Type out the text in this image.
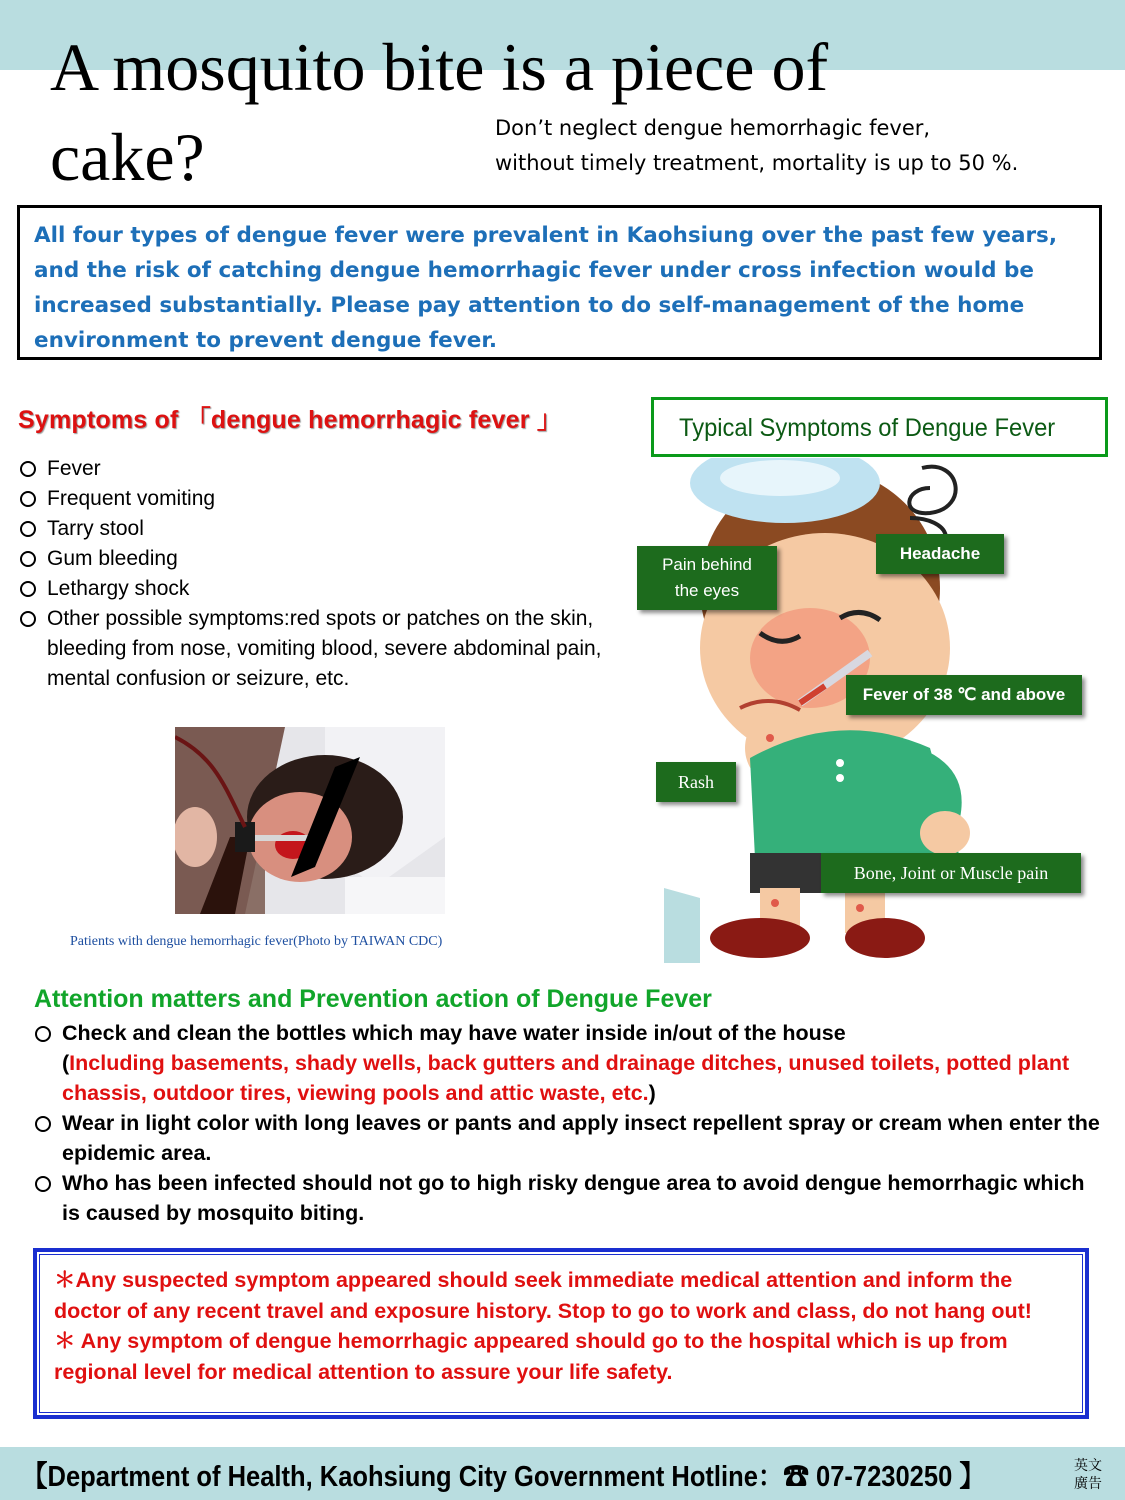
A mosquito bite is a piece of cake?	Don’t neglect dengue hemorrhagic fever,
without timely treatment, mortality is up to 50 %.
All four types of dengue fever were prevalent in Kaohsiung over the past few years, and the risk of catching dengue hemorrhagic fever under cross infection would be increased substantially. Please pay attention to do self-management of the home environment to prevent dengue fever.
Symptoms of 「dengue hemorrhagic fever 」
Fever
Frequent vomiting
Tarry stool
Gum bleeding
Lethargy shock
Other possible symptoms:red spots or patches on the skin, bleeding from nose, vomiting blood, severe abdominal pain, mental confusion or seizure, etc.
Patients with dengue hemorrhagic fever(Photo by TAIWAN CDC)
Typical Symptoms of Dengue Fever
Pain behind
the eyes
Headache
Fever of 38 ℃ and above
Rash
Bone, Joint or Muscle pain
Attention matters and Prevention action of Dengue Fever
Check and clean the bottles which may have water inside in/out of the house
(Including basements, shady wells, back gutters and drainage ditches, unused toilets, potted plant chassis, outdoor tires, viewing pools and attic waste, etc.)
Wear in light color with long leaves or pants and apply insect repellent spray or cream when enter the epidemic area.
Who has been infected should not go to high risky dengue area to avoid dengue hemorrhagic which is caused by mosquito biting.
＊Any suspected symptom appeared should seek immediate medical attention and inform the doctor of any recent travel and exposure history. Stop to go to work and class, do not hang out!
＊ Any symptom of dengue hemorrhagic appeared should go to the hospital which is up from regional level for medical attention to assure your life safety.
【Department of Health, Kaohsiung City Government Hotline：☎ 07-7230250 】	英文
廣告
